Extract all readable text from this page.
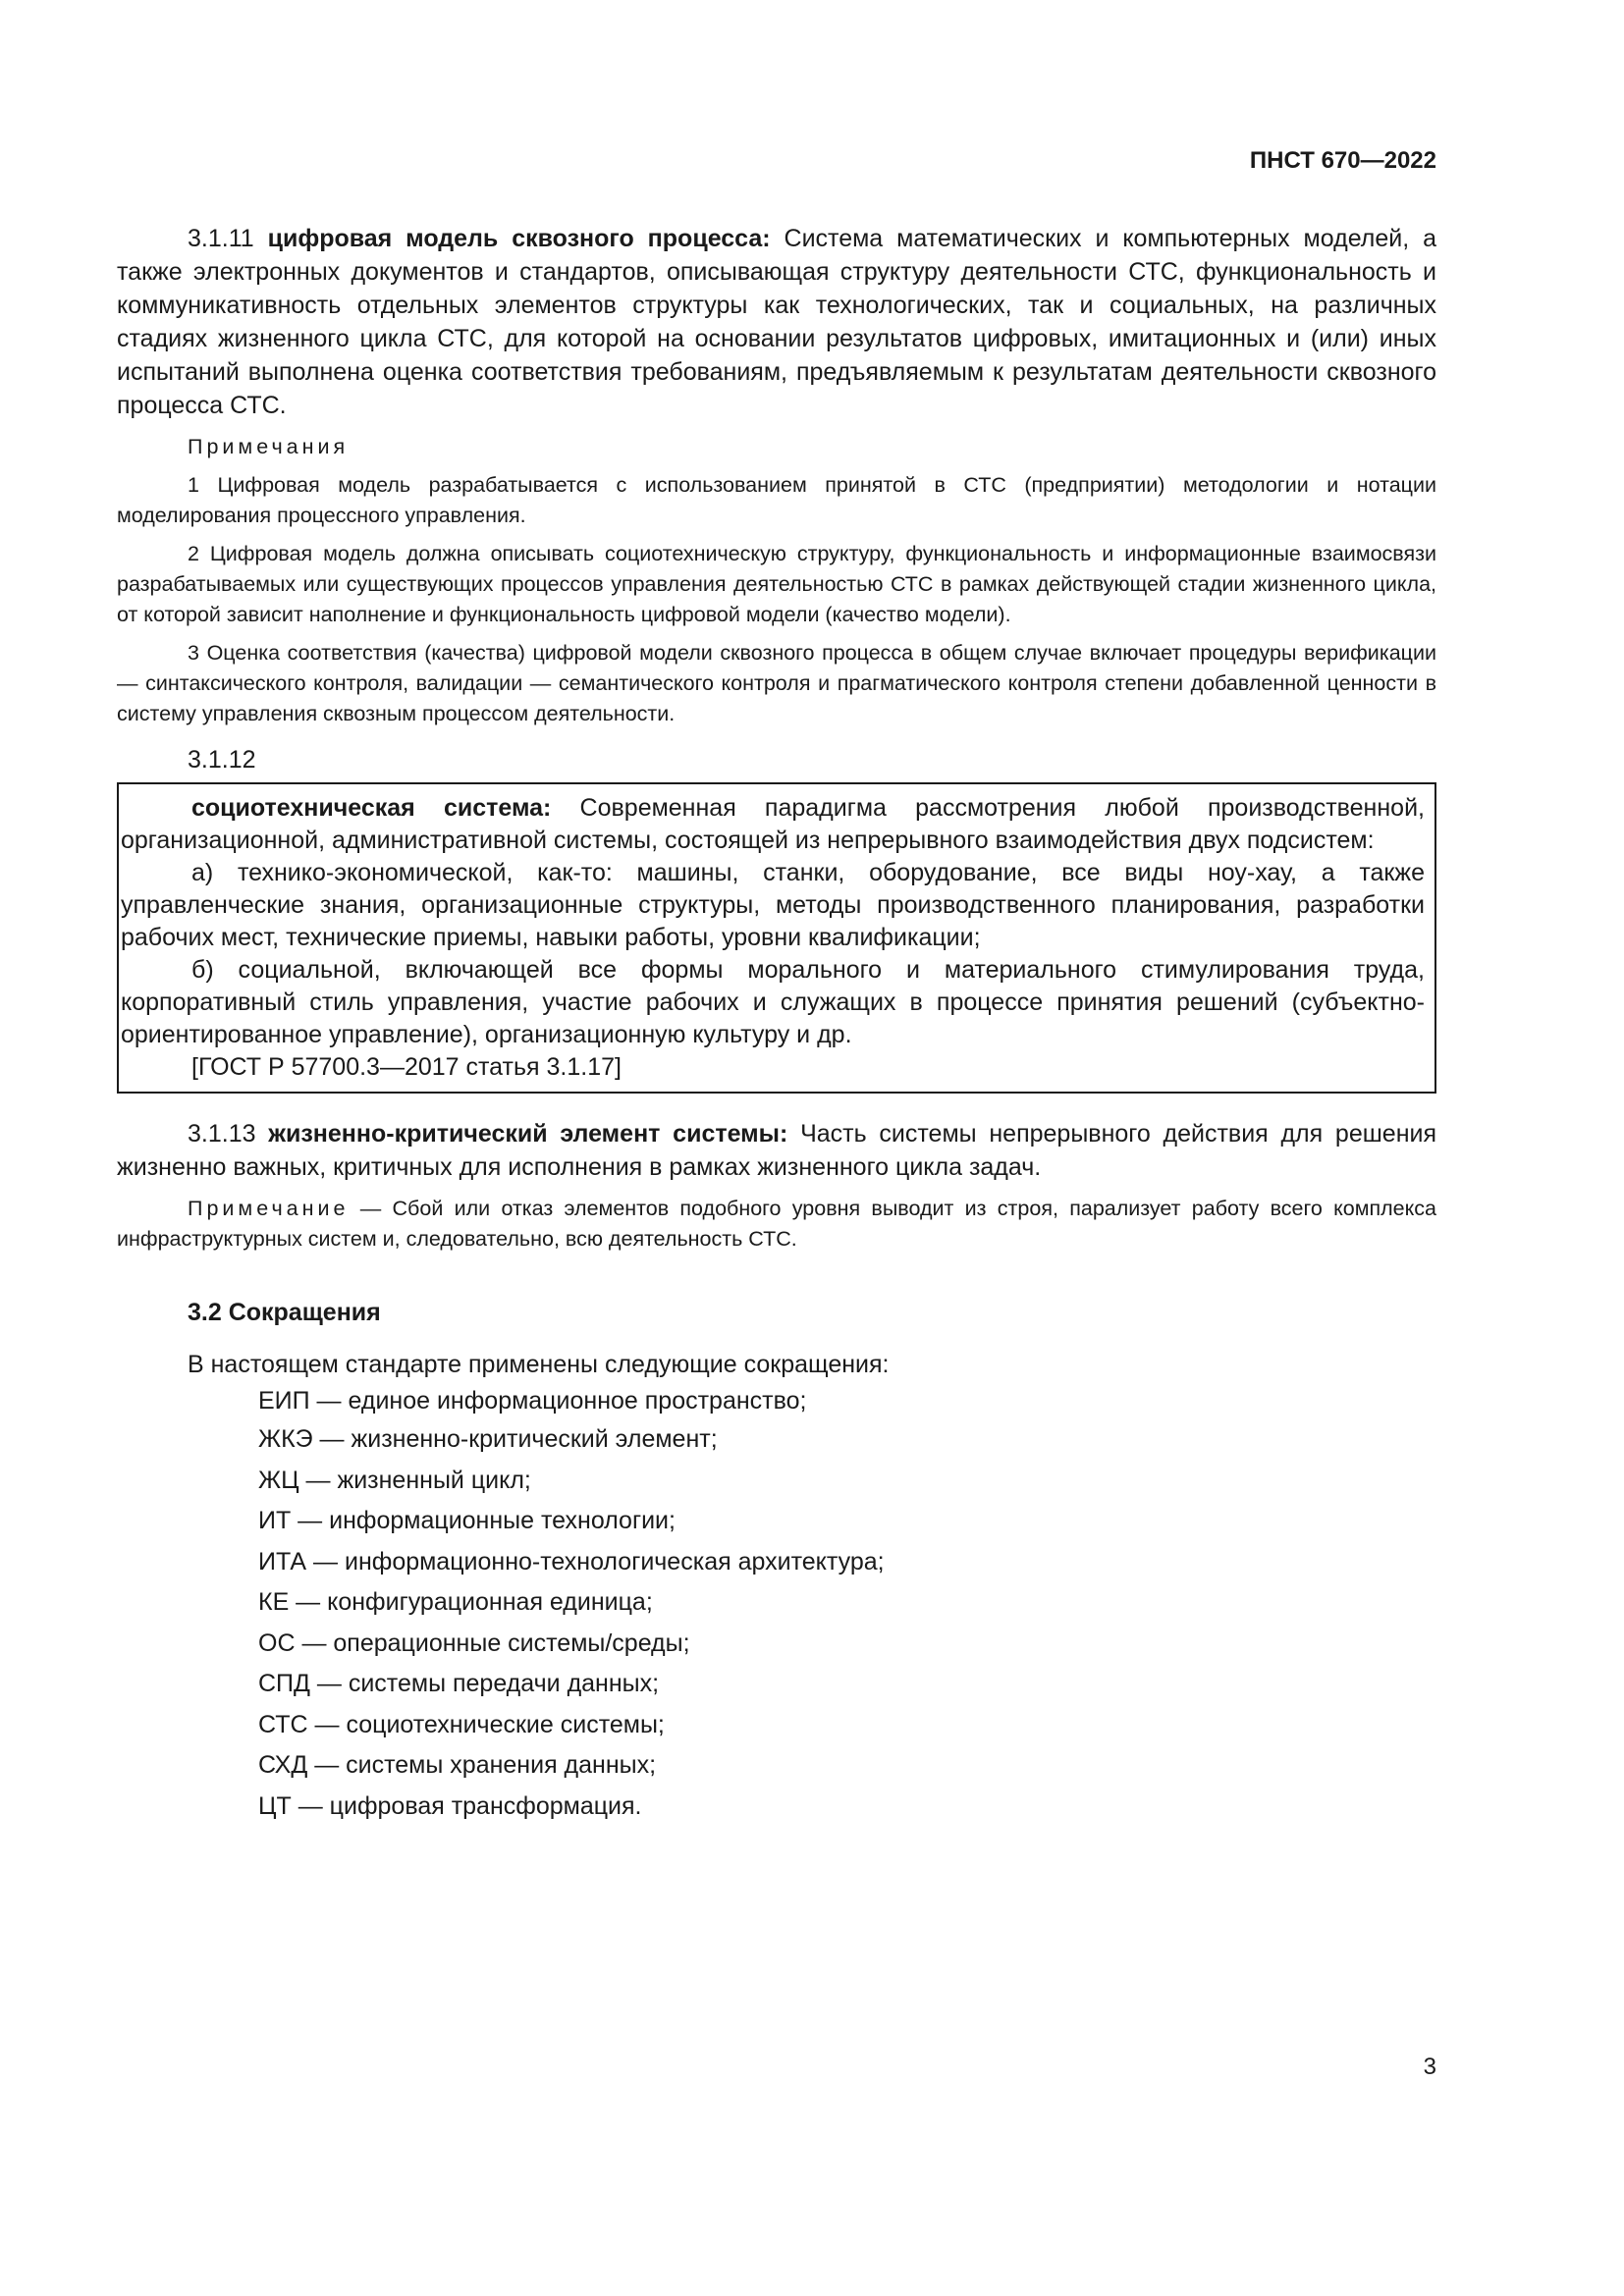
ПНСТ 670—2022

3.1.11 цифровая модель сквозного процесса: Система математических и компьютерных моделей, а также электронных документов и стандартов, описывающая структуру деятельности СТС, функциональность и коммуникативность отдельных элементов структуры как технологических, так и социальных, на различных стадиях жизненного цикла СТС, для которой на основании результатов цифровых, имитационных и (или) иных испытаний выполнена оценка соответствия требованиям, предъявляемым к результатам деятельности сквозного процесса СТС.

Примечания

1 Цифровая модель разрабатывается с использованием принятой в СТС (предприятии) методологии и нотации моделирования процессного управления.

2 Цифровая модель должна описывать социотехническую структуру, функциональность и информационные взаимосвязи разрабатываемых или существующих процессов управления деятельностью СТС в рамках действующей стадии жизненного цикла, от которой зависит наполнение и функциональность цифровой модели (качество модели).

3 Оценка соответствия (качества) цифровой модели сквозного процесса в общем случае включает процедуры верификации — синтаксического контроля, валидации — семантического контроля и прагматического контроля степени добавленной ценности в систему управления сквозным процессом деятельности.

3.1.12

социотехническая система: Современная парадигма рассмотрения любой производственной, организационной, административной системы, состоящей из непрерывного взаимодействия двух подсистем:

а) технико-экономической, как-то: машины, станки, оборудование, все виды ноу-хау, а также управленческие знания, организационные структуры, методы производственного планирования, разработки рабочих мест, технические приемы, навыки работы, уровни квалификации;

б) социальной, включающей все формы морального и материального стимулирования труда, корпоративный стиль управления, участие рабочих и служащих в процессе принятия решений (субъектно-ориентированное управление), организационную культуру и др.

[ГОСТ Р 57700.3—2017 статья 3.1.17]

3.1.13 жизненно-критический элемент системы: Часть системы непрерывного действия для решения жизненно важных, критичных для исполнения в рамках жизненного цикла задач.

Примечание — Сбой или отказ элементов подобного уровня выводит из строя, парализует работу всего комплекса инфраструктурных систем и, следовательно, всю деятельность СТС.

3.2 Сокращения

В настоящем стандарте применены следующие сокращения:

ЕИП — единое информационное пространство;
ЖКЭ — жизненно-критический элемент;
ЖЦ — жизненный цикл;
ИТ — информационные технологии;
ИТА — информационно-технологическая архитектура;
КЕ — конфигурационная единица;
ОС — операционные системы/среды;
СПД — системы передачи данных;
СТС — социотехнические системы;
СХД — системы хранения данных;
ЦТ — цифровая трансформация.
3
